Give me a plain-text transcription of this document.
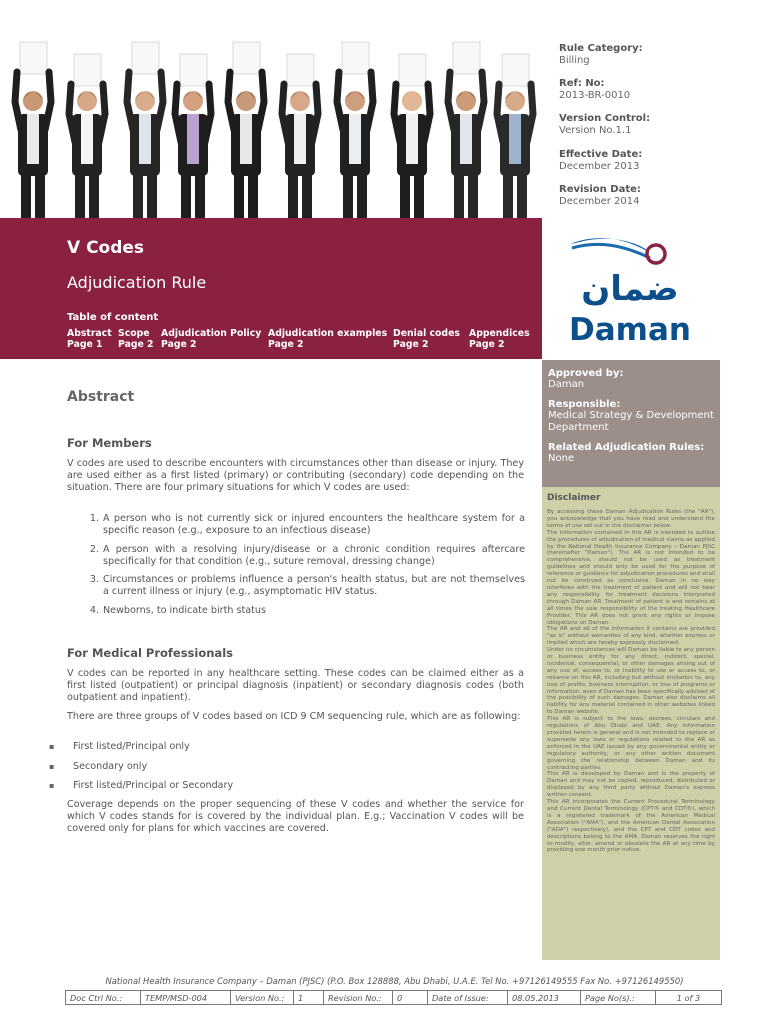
V Codes
Adjudication Rule
Table of content
Abstract
Page 1
Scope
Page 2
Adjudication Policy
Page 2
Adjudication examples
Page 2
Denial codes
Page 2
Appendices
Page 2
Rule Category:
Billing
Ref: No:
2013-BR-0010
Version Control:
Version No.1.1
Effective Date:
December 2013
Revision Date:
December 2014
ضمان
Daman
Approved by:
Daman
Responsible:
Medical Strategy & Development Department
Related Adjudication Rules:
None
Disclaimer
By accessing these Daman Adjudication Rules (the "AR"), you acknowledge that you have read and understand the terms of use set out in the disclaimer below.
The information contained in this AR is intended to outline the procedures of adjudication of medical claims as applied by the National Health Insurance Company – Daman PJSC (hereinafter "Daman"). The AR is not intended to be comprehensive, should not be used as treatment guidelines and should only be used for the purpose of reference or guidance for adjudication procedures and shall not be construed as conclusive. Daman in no way interferes with the treatment of patient and will not bear any responsibility for treatment decisions interpreted through Daman AR. Treatment of patient is and remains at all times the sole responsibility of the treating Healthcare Provider. This AR does not grant any rights or impose obligations on Daman.
The AR and all of the information it contains are provided "as is" without warranties of any kind, whether express or implied which are hereby expressly disclaimed.
Under no circumstances will Daman be liable to any person or business entity for any direct, indirect, special, incidental, consequential, or other damages arising out of any use of, access to, or inability to use or access to, or reliance on this AR, including but without limitation to, any loss of profits, business interruption, or loss of programs or information, even if Daman has been specifically advised of the possibility of such damages. Daman also disclaims all liability for any material contained in other websites linked to Daman website.
This AR is subject to the laws, decrees, circulars and regulations of Abu Dhabi and UAE. Any information provided herein is general and is not intended to replace or supersede any laws or regulations related to the AR as enforced in the UAE issued by any governmental entity or regulatory authority, or any other written document governing the relationship between Daman and its contracting parties.
This AR is developed by Daman and is the property of Daman and may not be copied, reproduced, distributed or displayed by any third party without Daman's express written consent.
This AR incorporates the Current Procedural Terminology and Current Dental Terminology (CPT® and CDT®), which is a registered trademark of the American Medical Association ("AMA"), and the American Dental Association ("ADA") respectively), and the CPT and CDT codes and descriptions belong to the AMA. Daman reserves the right to modify, alter, amend or obsolete the AR at any time by providing one month prior notice.
Abstract
For Members

V codes are used to describe encounters with circumstances other than disease or injury. They are used either as a first listed (primary) or contributing (secondary) code depending on the situation. There are four primary situations for which V codes are used:

1. A person who is not currently sick or injured encounters the healthcare system for a specific reason (e.g., exposure to an infectious disease)
2. A person with a resolving injury/disease or a chronic condition requires aftercare specifically for that condition (e.g., suture removal, dressing change)
3. Circumstances or problems influence a person's health status, but are not themselves a current illness or injury (e.g., asymptomatic HIV status.
4. Newborns, to indicate birth status
For Medical Professionals

V codes can be reported in any healthcare setting. These codes can be claimed either as a first listed (outpatient) or principal diagnosis (inpatient) or secondary diagnosis codes (both outpatient and inpatient).

There are three groups of V codes based on ICD 9 CM sequencing rule, which are as following:

▪ First listed/Principal only
▪ Secondary only
▪ First listed/Principal or Secondary

Coverage depends on the proper sequencing of these V codes and whether the service for which V codes stands for is covered by the individual plan. E.g.; Vaccination V codes will be covered only for plans for which vaccines are covered.

National Health Insurance Company – Daman (PJSC) (P.O. Box 128888, Abu Dhabi, U.A.E. Tel No. +97126149555 Fax No. +97126149550)
Doc Ctrl No.:	TEMP/MSD-004	Version No.:	1	Revision No.:	0	Date of Issue:	08.05.2013	Page No(s).:	1 of 3
